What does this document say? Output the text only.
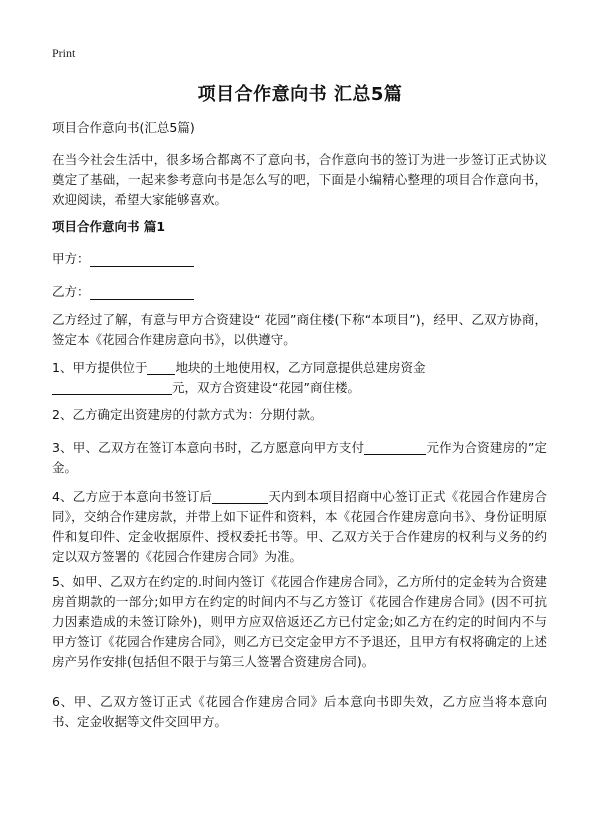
Print
项目合作意向书 汇总5篇
项目合作意向书(汇总5篇)
在当今社会生活中，很多场合都离不了意向书，合作意向书的签订为进一步签订正式协议奠定了基础，一起来参考意向书是怎么写的吧，下面是小编精心整理的项目合作意向书，欢迎阅读，希望大家能够喜欢。
项目合作意向书 篇1
甲方：
乙方：
乙方经过了解，有意与甲方合资建设“ 花园”商住楼(下称“本项目”)，经甲、乙双方协商，签定本《花园合作建房意向书》，以供遵守。
1、甲方提供位于 地块的土地使用权，乙方同意提供总建房资金
元，双方合资建设“花园”商住楼。
2、乙方确定出资建房的付款方式为：分期付款。
3、甲、乙双方在签订本意向书时，乙方愿意向甲方支付	元作为合资建房的”定金。
4、乙方应于本意向书签订后	天内到本项目招商中心签订正式《花园合作建房合同》，交纳合作建房款，并带上如下证件和资料，本《花园合作建房意向书》、身份证明原件和复印件、定金收据原件、授权委托书等。甲、乙双方关于合作建房的权利与义务的约定以双方签署的《花园合作建房合同》为准。
5、如甲、乙双方在约定的.时间内签订《花园合作建房合同》，乙方所付的定金转为合资建房首期款的一部分;如甲方在约定的时间内不与乙方签订《花园合作建房合同》(因不可抗力因素造成的未签订除外)，则甲方应双倍返还乙方已付定金;如乙方在约定的时间内不与甲方签订《花园合作建房合同》，则乙方已交定金甲方不予退还，且甲方有权将确定的上述房产另作安排(包括但不限于与第三人签署合资建房合同)。
6、甲、乙双方签订正式《花园合作建房合同》后本意向书即失效，乙方应当将本意向书、定金收据等文件交回甲方。
